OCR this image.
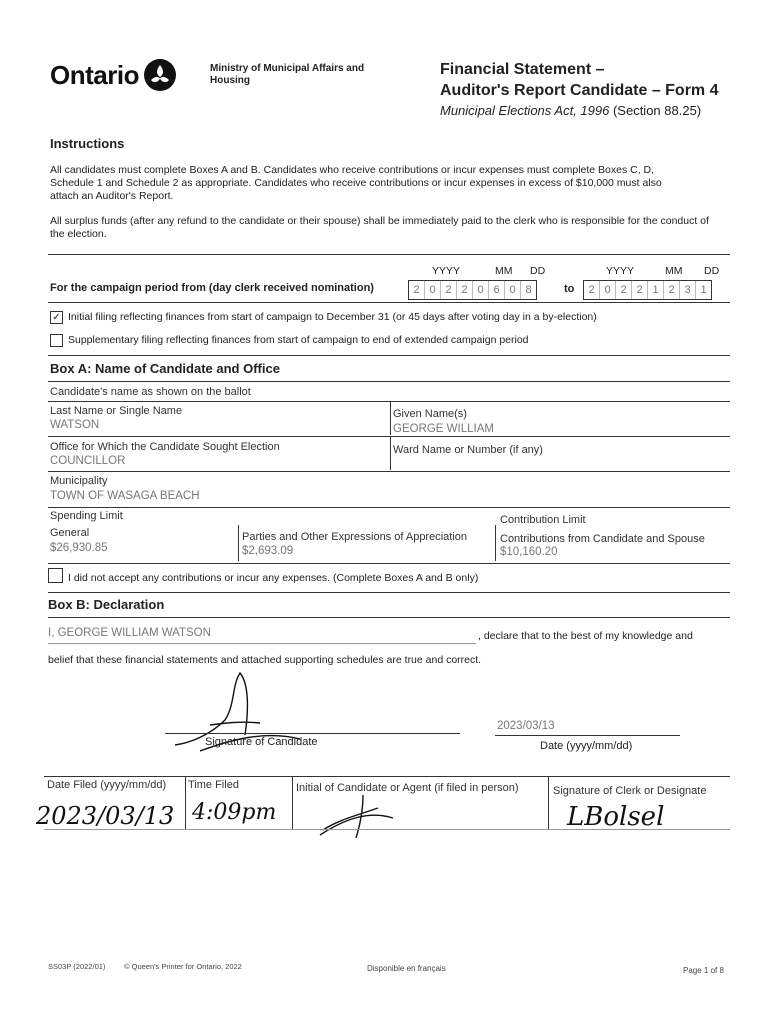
Ontario	Ministry of Municipal Affairs and Housing
Financial Statement –
Auditor's Report Candidate – Form 4
Municipal Elections Act, 1996 (Section 88.25)
Instructions
All candidates must complete Boxes A and B. Candidates who receive contributions or incur expenses must complete Boxes C, D, Schedule 1 and Schedule 2 as appropriate. Candidates who receive contributions or incur expenses in excess of $10,000 must also attach an Auditor's Report.
All surplus funds (after any refund to the candidate or their spouse) shall be immediately paid to the clerk who is responsible for the conduct of the election.
YYYY	MM DD	YYYY	MM DD
For the campaign period from (day clerk received nomination)	2 0 2 2 0 6 0 8	to	2 0 2 2 1 2 3 1
✓ Initial filing reflecting finances from start of campaign to December 31 (or 45 days after voting day in a by-election)
Supplementary filing reflecting finances from start of campaign to end of extended campaign period
Box A: Name of Candidate and Office
Candidate's name as shown on the ballot
Last Name or Single Name
WATSON
Given Name(s)
GEORGE WILLIAM
Office for Which the Candidate Sought Election
COUNCILLOR
Ward Name or Number (if any)
Municipality
TOWN OF WASAGA BEACH
Spending Limit	Contribution Limit
General
$26,930.85
Parties and Other Expressions of Appreciation
$2,693.09
Contributions from Candidate and Spouse
$10,160.20
I did not accept any contributions or incur any expenses. (Complete Boxes A and B only)
Box B: Declaration
I, GEORGE WILLIAM WATSON	, declare that to the best of my knowledge and
belief that these financial statements and attached supporting schedules are true and correct.
Signature of Candidate
2023/03/13
Date (yyyy/mm/dd)
Date Filed (yyyy/mm/dd)
2023/03/13
Time Filed
4:09pm
Initial of Candidate or Agent (if filed in person)	Signature of Clerk or Designate
LBolsel
SS03P (2022/01) © Queen's Printer for Ontario, 2022	Disponible en français	Page 1 of 8
